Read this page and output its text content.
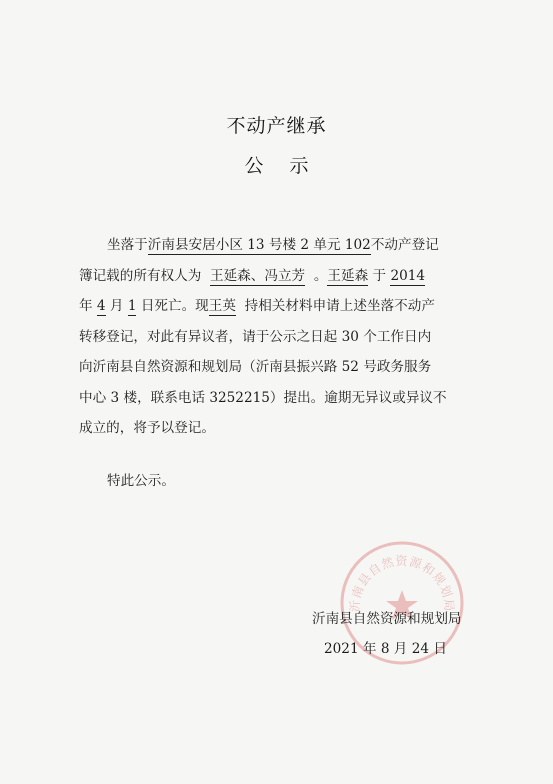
不动产继承
公示
坐落于沂南县安居小区 13 号楼 2 单元 102不动产登记
簿记载的所有权人为 王延森、冯立芳 。王延森 于 2014
年 4 月 1 日死亡。现王英 持相关材料申请上述坐落不动产
转移登记，对此有异议者，请于公示之日起 30 个工作日内
向沂南县自然资源和规划局（沂南县振兴路 52 号政务服务
中心 3 楼，联系电话 3252215）提出。逾期无异议或异议不
成立的，将予以登记。
特此公示。
沂南县自然资源和规划局
沂南县自然资源和规划局
2021 年 8 月 24 日
